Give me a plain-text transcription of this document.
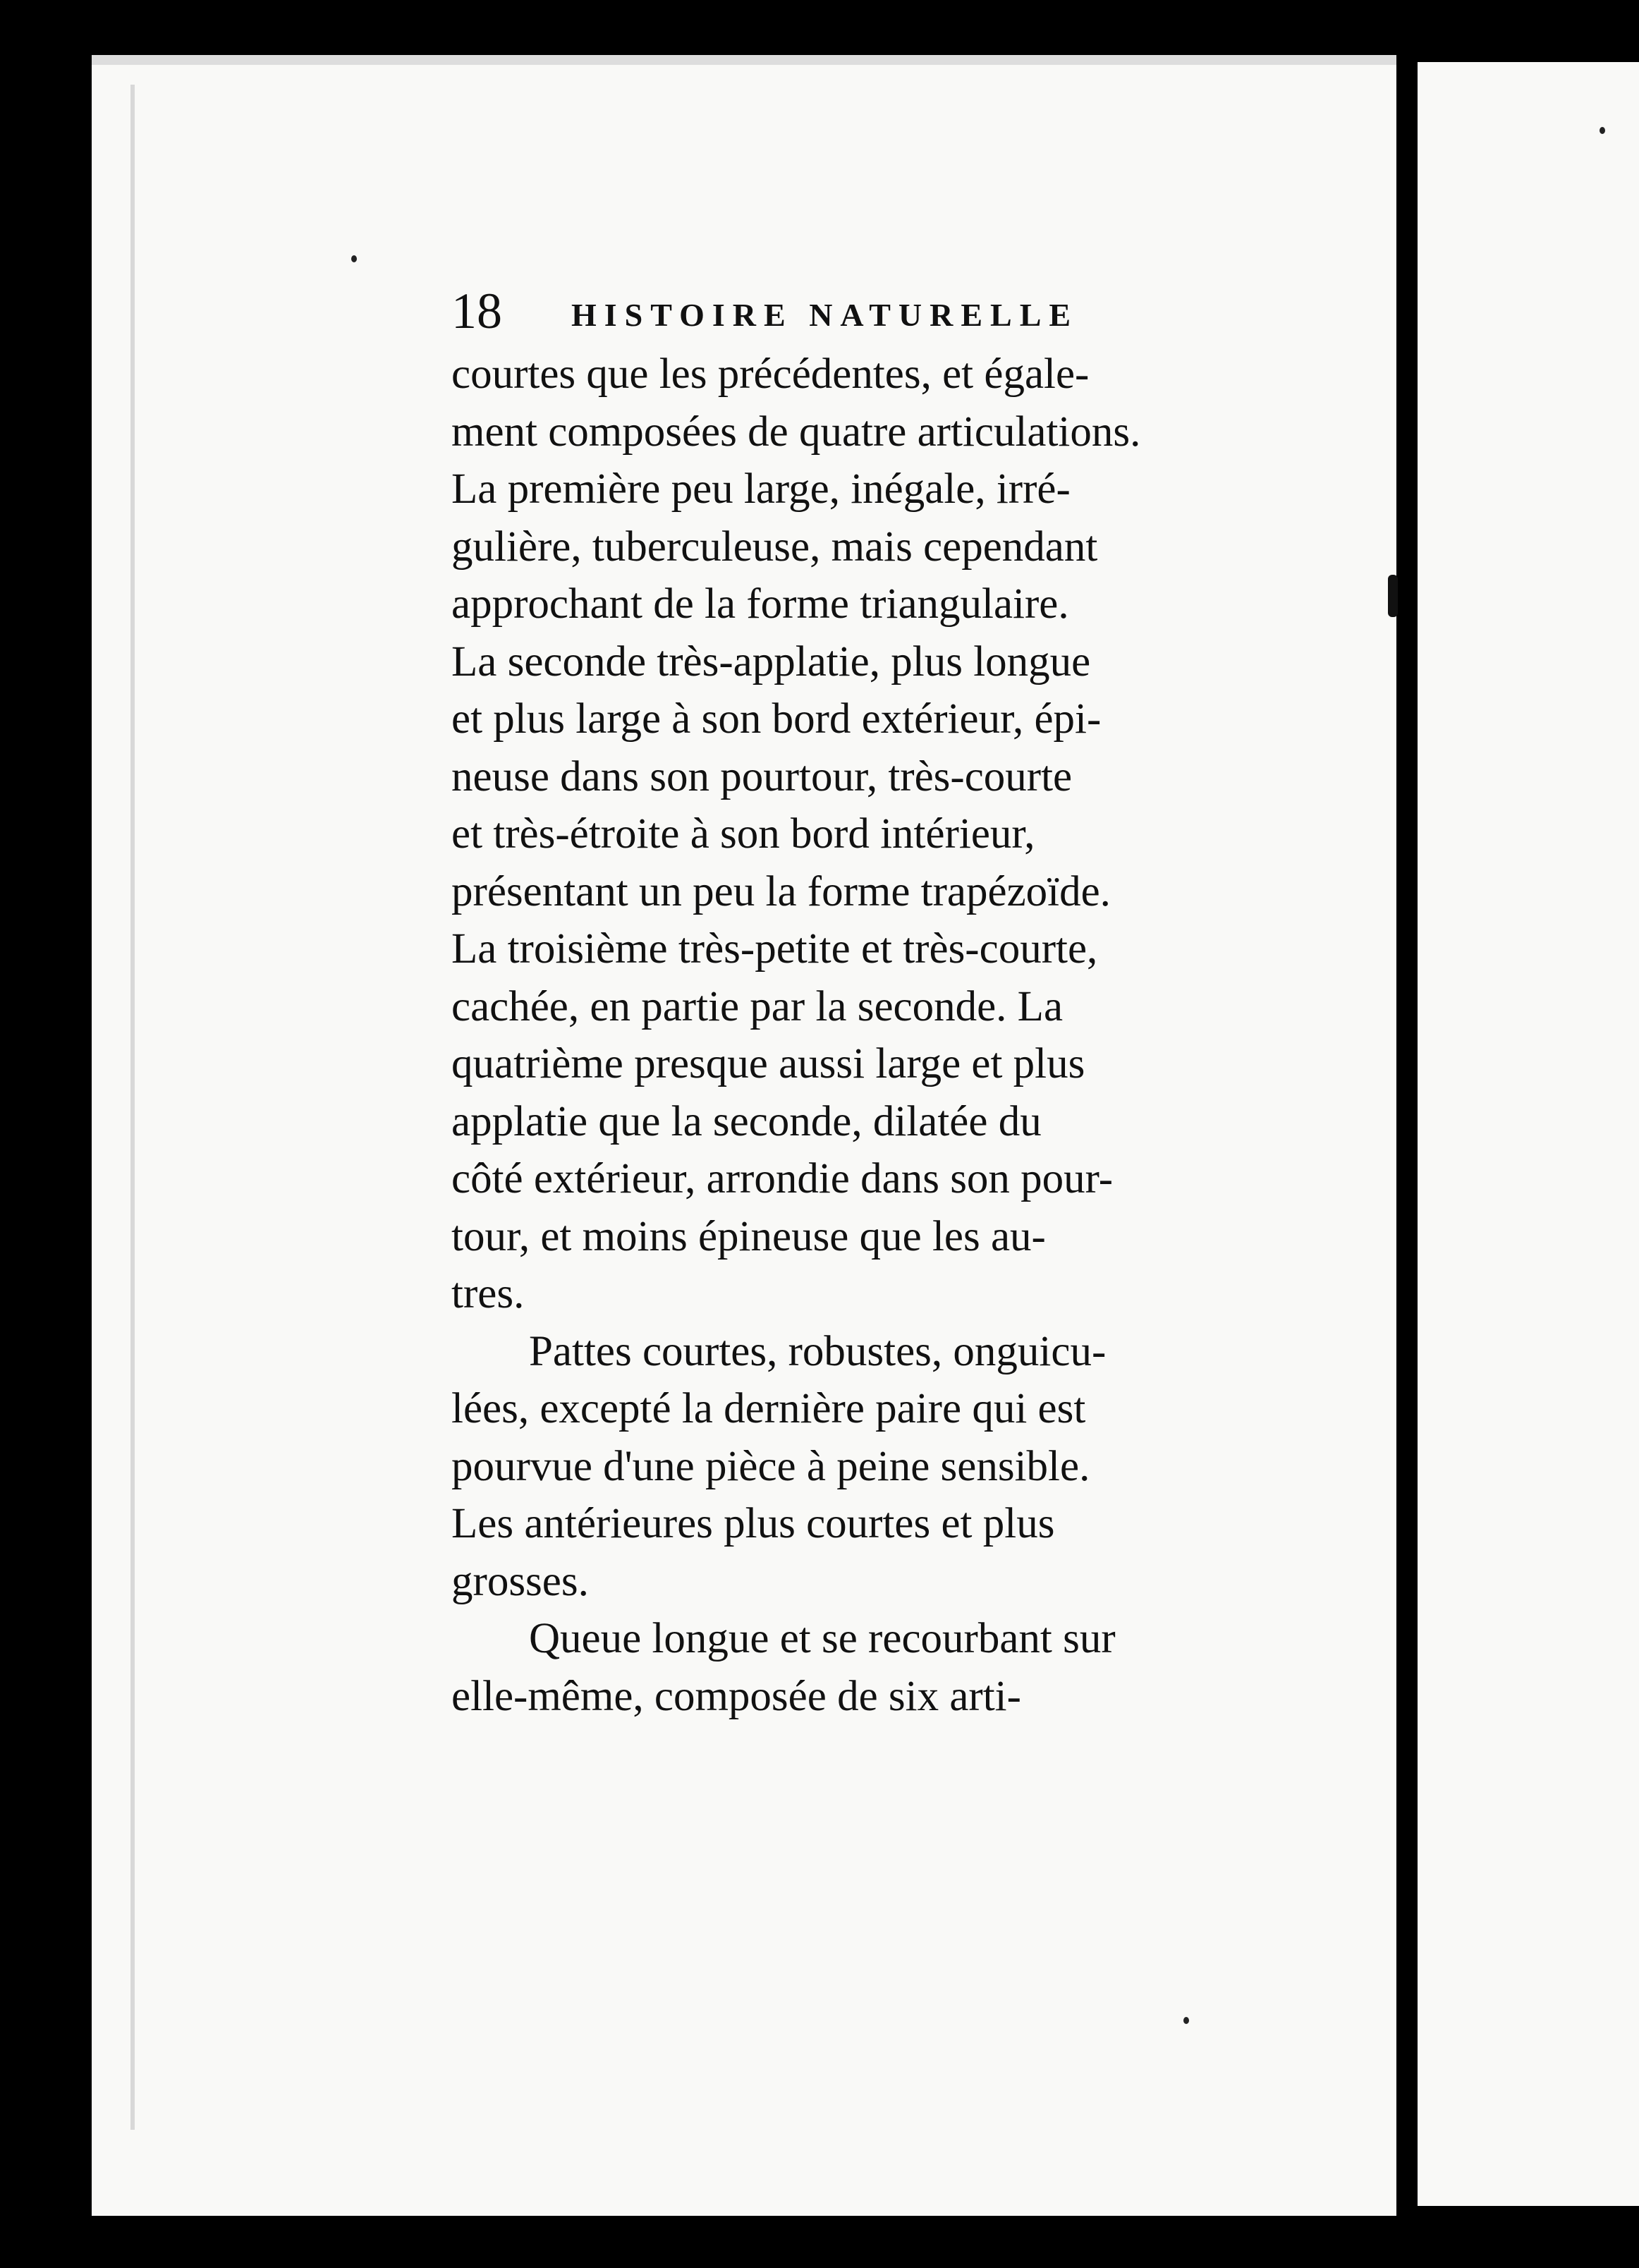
18 HISTOIRE NATURELLE

courtes que les précédentes, et égale-

ment composées de quatre articulations.

La première peu large, inégale, irré-

gulière, tuberculeuse, mais cependant

approchant de la forme triangulaire.

La seconde très-applatie, plus longue

et plus large à son bord extérieur, épi-

neuse dans son pourtour, très-courte

et très-étroite à son bord intérieur,

présentant un peu la forme trapézoïde.

La troisième très-petite et très-courte,

cachée, en partie par la seconde. La

quatrième presque aussi large et plus

applatie que la seconde, dilatée du

côté extérieur, arrondie dans son pour-

tour, et moins épineuse que les au-

tres.

Pattes courtes, robustes, onguicu-

lées, excepté la dernière paire qui est

pourvue d'une pièce à peine sensible.

Les antérieures plus courtes et plus

grosses.

Queue longue et se recourbant sur

elle-même, composée de six arti-
